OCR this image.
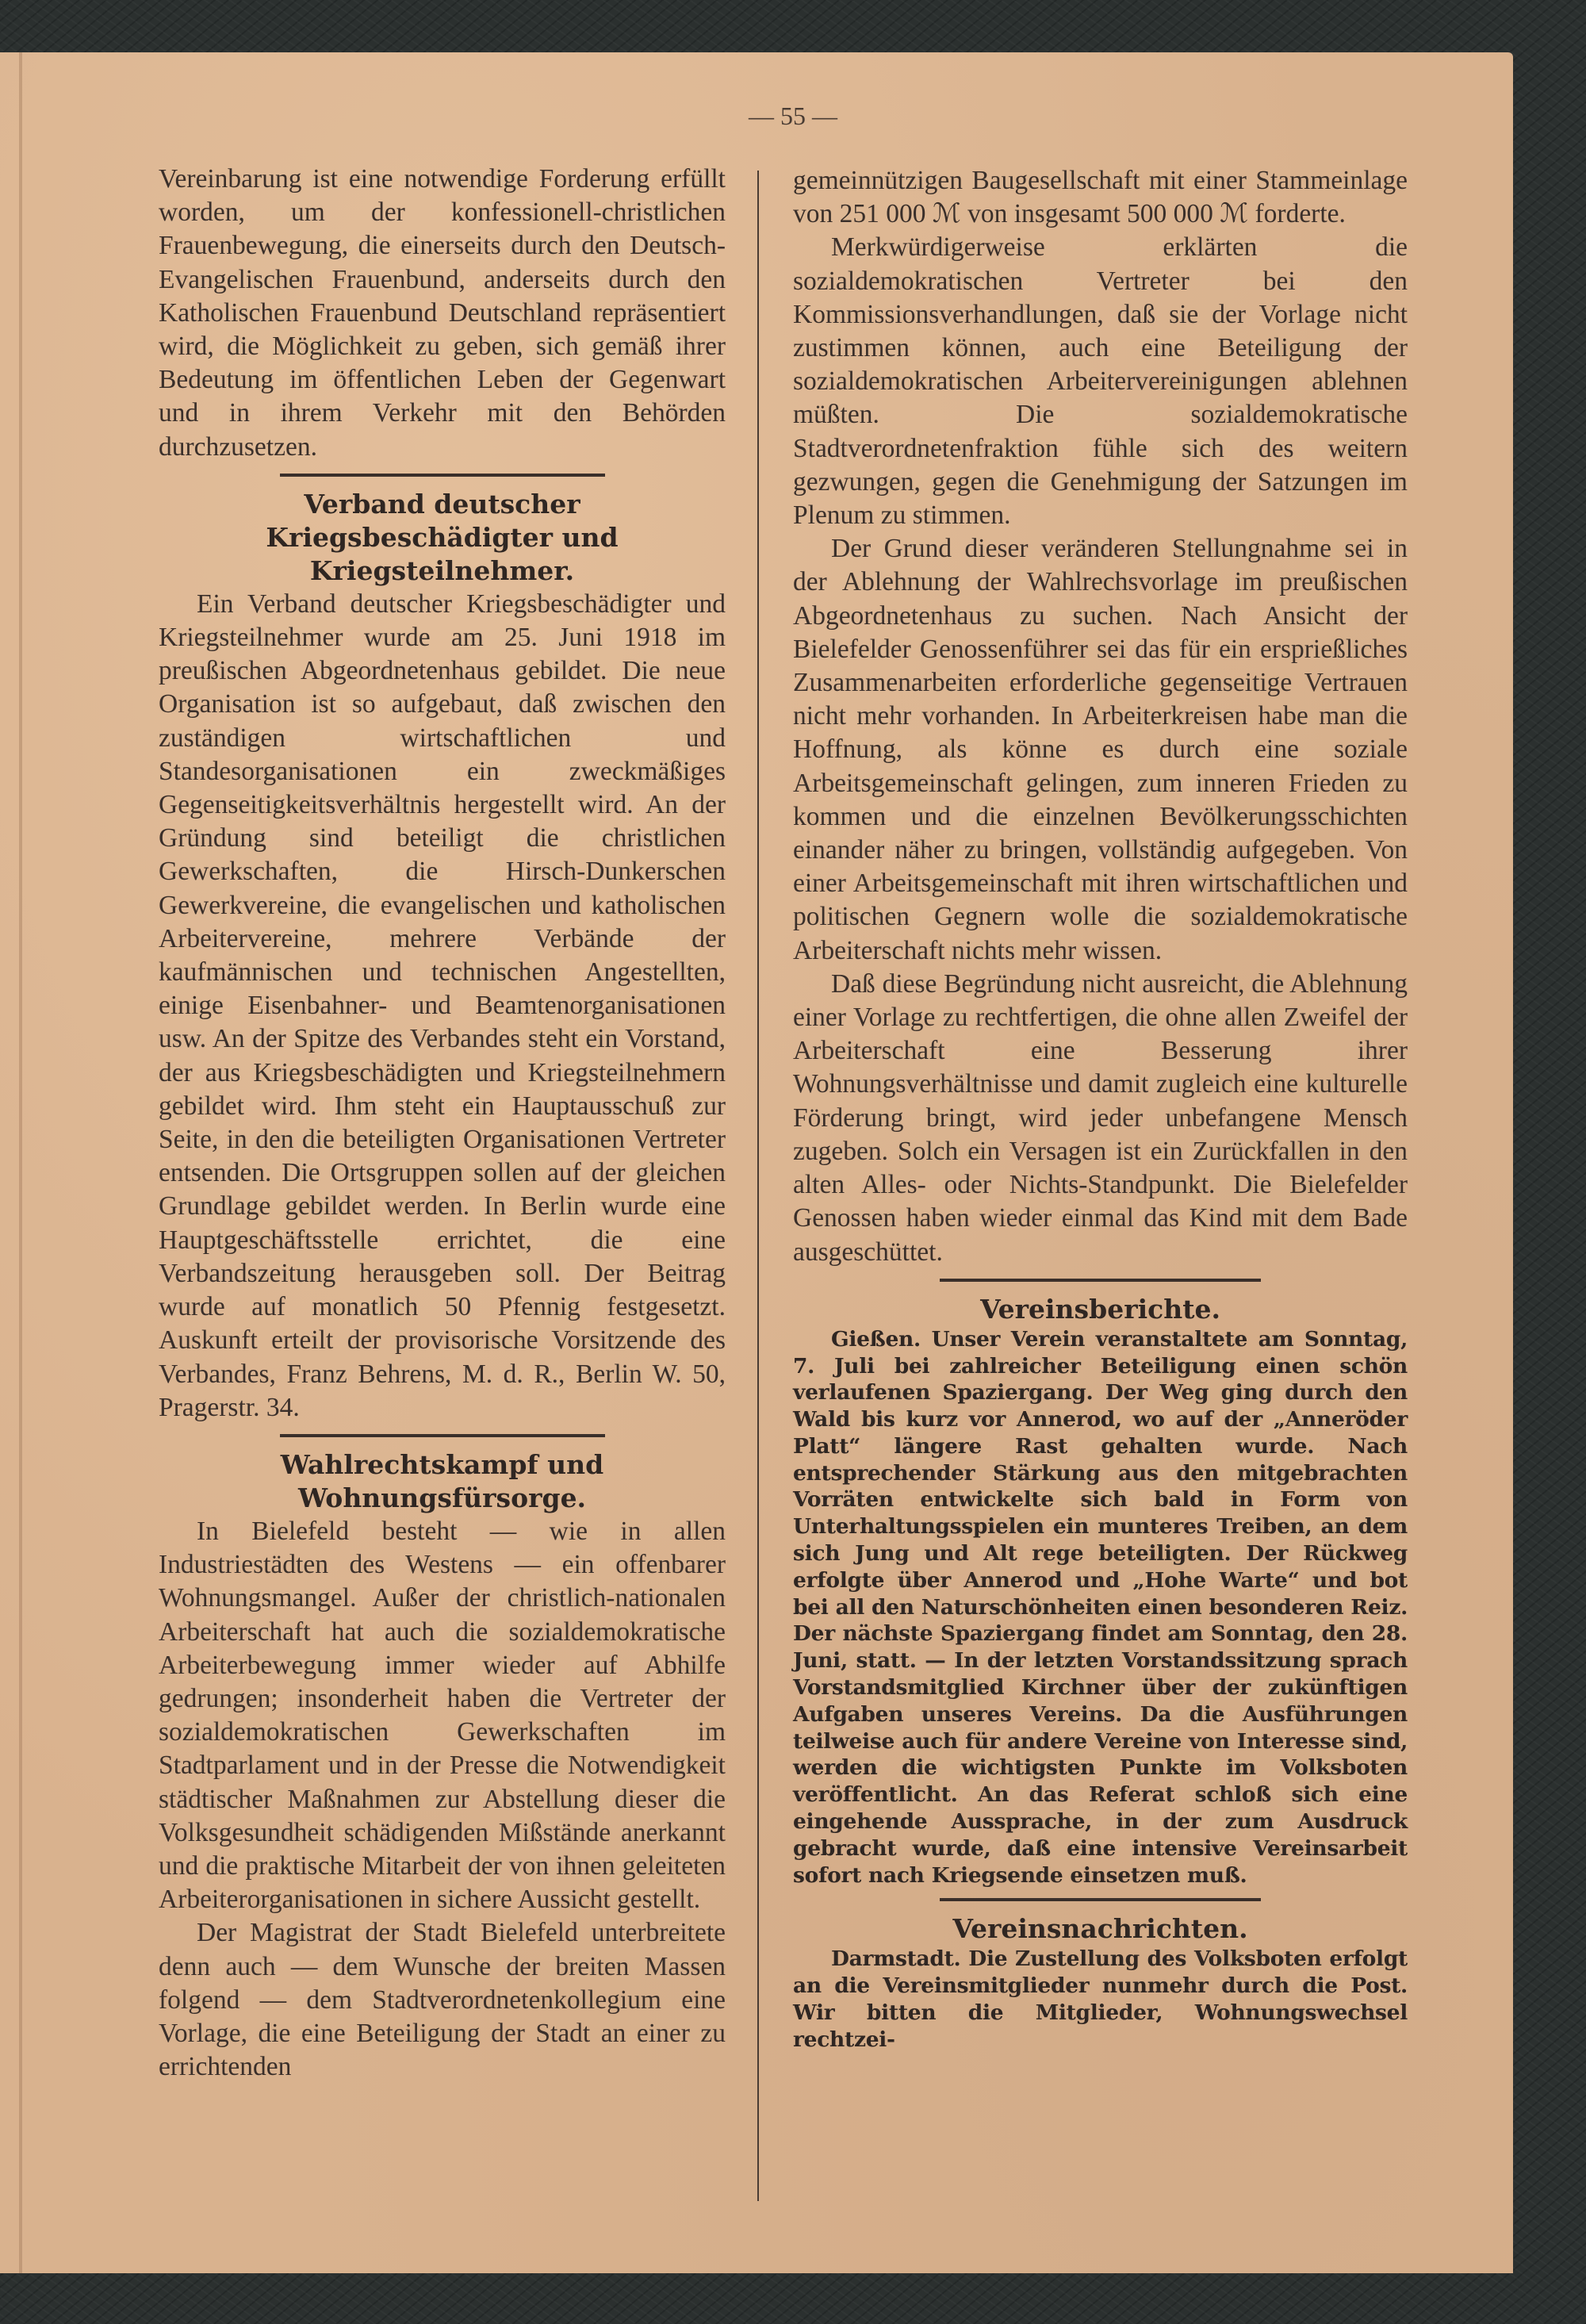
— 55 —

Vereinbarung ist eine notwendige Forderung erfüllt worden, um der konfessionell-christlichen Frauenbewegung, die einerseits durch den Deutsch-Evangelischen Frauenbund, anderseits durch den Katholischen Frauenbund Deutschland repräsentiert wird, die Möglichkeit zu geben, sich gemäß ihrer Bedeutung im öffentlichen Leben der Gegenwart und in ihrem Verkehr mit den Behörden durchzusetzen.

Verband deutscher Kriegsbeschädigter und Kriegsteilnehmer.

Ein Verband deutscher Kriegsbeschädigter und Kriegsteilnehmer wurde am 25. Juni 1918 im preußischen Abgeordnetenhaus gebildet. Die neue Organisation ist so aufgebaut, daß zwischen den zuständigen wirtschaftlichen und Standesorganisationen ein zweckmäßiges Gegenseitigkeitsverhältnis hergestellt wird. An der Gründung sind beteiligt die christlichen Gewerkschaften, die Hirsch-Dunkerschen Gewerkvereine, die evangelischen und katholischen Arbeitervereine, mehrere Verbände der kaufmännischen und technischen Angestellten, einige Eisenbahner- und Beamtenorganisationen usw. An der Spitze des Verbandes steht ein Vorstand, der aus Kriegsbeschädigten und Kriegsteilnehmern gebildet wird. Ihm steht ein Hauptausschuß zur Seite, in den die beteiligten Organisationen Vertreter entsenden. Die Ortsgruppen sollen auf der gleichen Grundlage gebildet werden. In Berlin wurde eine Hauptgeschäftsstelle errichtet, die eine Verbandszeitung herausgeben soll. Der Beitrag wurde auf monatlich 50 Pfennig festgesetzt. Auskunft erteilt der provisorische Vorsitzende des Verbandes, Franz Behrens, M. d. R., Berlin W. 50, Pragerstr. 34.

Wahlrechtskampf und Wohnungsfürsorge.

In Bielefeld besteht — wie in allen Industriestädten des Westens — ein offenbarer Wohnungsmangel. Außer der christlich-nationalen Arbeiterschaft hat auch die sozialdemokratische Arbeiterbewegung immer wieder auf Abhilfe gedrungen; insonderheit haben die Vertreter der sozialdemokratischen Gewerkschaften im Stadtparlament und in der Presse die Notwendigkeit städtischer Maßnahmen zur Abstellung dieser die Volksgesundheit schädigenden Mißstände anerkannt und die praktische Mitarbeit der von ihnen geleiteten Arbeiterorganisationen in sichere Aussicht gestellt.

Der Magistrat der Stadt Bielefeld unterbreitete denn auch — dem Wunsche der breiten Massen folgend — dem Stadtverordnetenkollegium eine Vorlage, die eine Beteiligung der Stadt an einer zu errichtenden

gemeinnützigen Baugesellschaft mit einer Stammeinlage von 251 000 ℳ von insgesamt 500 000 ℳ forderte.

Merkwürdigerweise erklärten die sozialdemokratischen Vertreter bei den Kommissionsverhandlungen, daß sie der Vorlage nicht zustimmen können, auch eine Beteiligung der sozialdemokratischen Arbeitervereinigungen ablehnen müßten. Die sozialdemokratische Stadtverordnetenfraktion fühle sich des weitern gezwungen, gegen die Genehmigung der Satzungen im Plenum zu stimmen.

Der Grund dieser veränderen Stellungnahme sei in der Ablehnung der Wahlrechsvorlage im preußischen Abgeordnetenhaus zu suchen. Nach Ansicht der Bielefelder Genossenführer sei das für ein ersprießliches Zusammenarbeiten erforderliche gegenseitige Vertrauen nicht mehr vorhanden. In Arbeiterkreisen habe man die Hoffnung, als könne es durch eine soziale Arbeitsgemeinschaft gelingen, zum inneren Frieden zu kommen und die einzelnen Bevölkerungsschichten einander näher zu bringen, vollständig aufgegeben. Von einer Arbeitsgemeinschaft mit ihren wirtschaftlichen und politischen Gegnern wolle die sozialdemokratische Arbeiterschaft nichts mehr wissen.

Daß diese Begründung nicht ausreicht, die Ablehnung einer Vorlage zu rechtfertigen, die ohne allen Zweifel der Arbeiterschaft eine Besserung ihrer Wohnungsverhältnisse und damit zugleich eine kulturelle Förderung bringt, wird jeder unbefangene Mensch zugeben. Solch ein Versagen ist ein Zurückfallen in den alten Alles- oder Nichts-Standpunkt. Die Bielefelder Genossen haben wieder einmal das Kind mit dem Bade ausgeschüttet.

Vereinsberichte.

Gießen. Unser Verein veranstaltete am Sonntag, 7. Juli bei zahlreicher Beteiligung einen schön verlaufenen Spaziergang. Der Weg ging durch den Wald bis kurz vor Annerod, wo auf der „Anneröder Platt“ längere Rast gehalten wurde. Nach entsprechender Stärkung aus den mitgebrachten Vorräten entwickelte sich bald in Form von Unterhaltungsspielen ein munteres Treiben, an dem sich Jung und Alt rege beteiligten. Der Rückweg erfolgte über Annerod und „Hohe Warte“ und bot bei all den Naturschönheiten einen besonderen Reiz. Der nächste Spaziergang findet am Sonntag, den 28. Juni, statt. — In der letzten Vorstandssitzung sprach Vorstandsmitglied Kirchner über der zukünftigen Aufgaben unseres Vereins. Da die Ausführungen teilweise auch für andere Vereine von Interesse sind, werden die wichtigsten Punkte im Volksboten veröffentlicht. An das Referat schloß sich eine eingehende Aussprache, in der zum Ausdruck gebracht wurde, daß eine intensive Vereinsarbeit sofort nach Kriegsende einsetzen muß.

Vereinsnachrichten.

Darmstadt. Die Zustellung des Volksboten erfolgt an die Vereinsmitglieder nunmehr durch die Post. Wir bitten die Mitglieder, Wohnungswechsel rechtzei-
